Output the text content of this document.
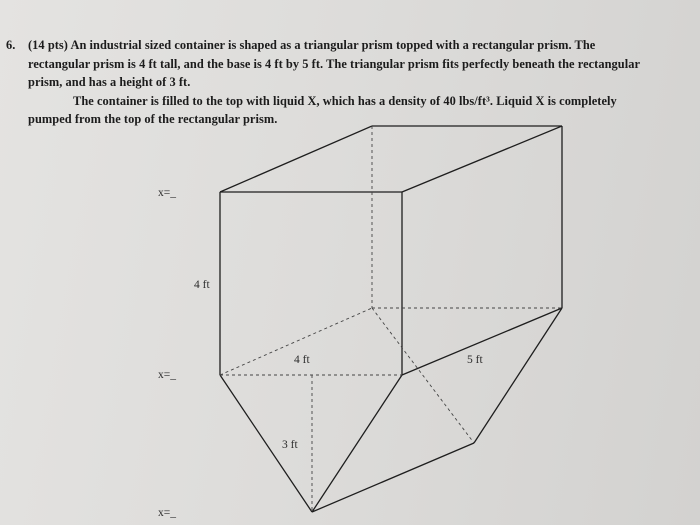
6. (14 pts) An industrial sized container is shaped as a triangular prism topped with a rectangular prism. The

rectangular prism is 4 ft tall, and the base is 4 ft by 5 ft. The triangular prism fits perfectly beneath the rectangular

prism, and has a height of 3 ft.

The container is filled to the top with liquid X, which has a density of 40 lbs/ft³. Liquid X is completely

pumped from the top of the rectangular prism.

4 ft
4 ft	5 ft
3 ft
x=_
x=_
x=_
